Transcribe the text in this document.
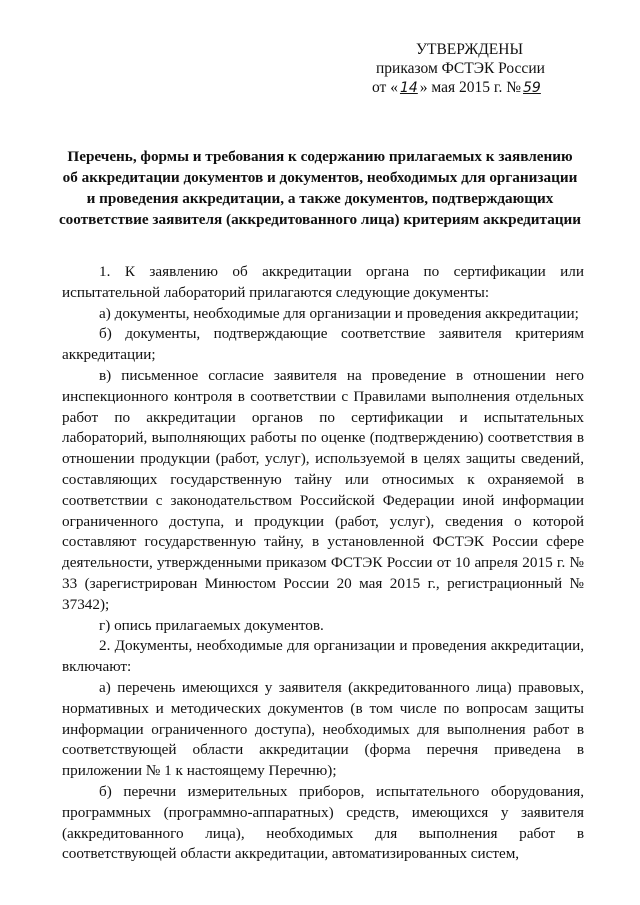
УТВЕРЖДЕНЫ
приказом ФСТЭК России
от « 14 » мая 2015 г. № 59
Перечень, формы и требования к содержанию прилагаемых к заявлению об аккредитации документов и документов, необходимых для организации и проведения аккредитации, а также документов, подтверждающих соответствие заявителя (аккредитованного лица) критериям аккредитации

1. К заявлению об аккредитации органа по сертификации или испытательной лабораторий прилагаются следующие документы:

а) документы, необходимые для организации и проведения аккредитации;

б) документы, подтверждающие соответствие заявителя критериям аккредитации;

в) письменное согласие заявителя на проведение в отношении него инспекционного контроля в соответствии с Правилами выполнения отдельных работ по аккредитации органов по сертификации и испытательных лабораторий, выполняющих работы по оценке (подтверждению) соответствия в отношении продукции (работ, услуг), используемой в целях защиты сведений, составляющих государственную тайну или относимых к охраняемой в соответствии с законодательством Российской Федерации иной информации ограниченного доступа, и продукции (работ, услуг), сведения о которой составляют государственную тайну, в установленной ФСТЭК России сфере деятельности, утвержденными приказом ФСТЭК России от 10 апреля 2015 г. № 33 (зарегистрирован Минюстом России 20 мая 2015 г., регистрационный № 37342);

г) опись прилагаемых документов.

2. Документы, необходимые для организации и проведения аккредитации, включают:

а) перечень имеющихся у заявителя (аккредитованного лица) правовых, нормативных и методических документов (в том числе по вопросам защиты информации ограниченного доступа), необходимых для выполнения работ в соответствующей области аккредитации (форма перечня приведена в приложении № 1 к настоящему Перечню);

б) перечни измерительных приборов, испытательного оборудования, программных (программно-аппаратных) средств, имеющихся у заявителя (аккредитованного лица), необходимых для выполнения работ в соответствующей области аккредитации, автоматизированных систем,
